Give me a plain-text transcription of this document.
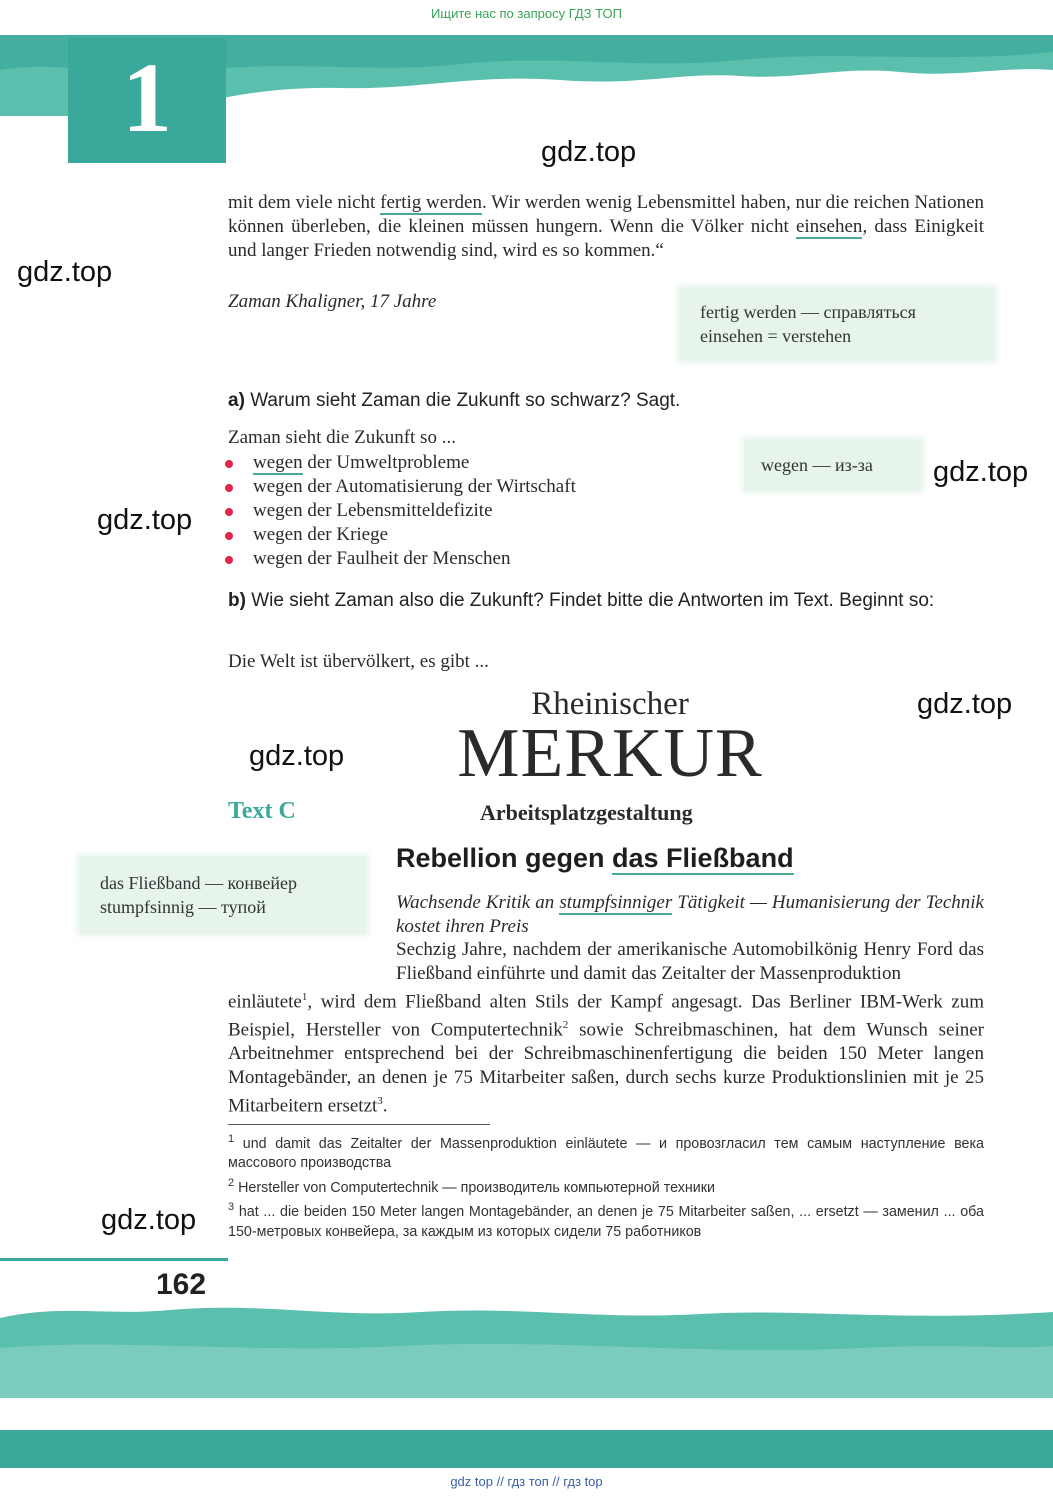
Ищите нас по запросу ГДЗ ТОП
1	gdz.top
gdz.top
gdz.top
gdz.top
gdz.top
gdz.top
gdz.top
mit dem viele nicht fertig werden. Wir werden wenig Lebensmittel haben, nur die reichen Nationen können überleben, die kleinen müssen hungern. Wenn die Völker nicht einsehen, dass Einigkeit und langer Frieden notwendig sind, wird es so kommen.“
Zaman Khaligner, 17 Jahre	fertig werden — справляться
einsehen = verstehen
a) Warum sieht Zaman die Zukunft so schwarz? Sagt.
Zaman sieht die Zukunft so ...
wegen der Umweltprobleme
wegen der Automatisierung der Wirtschaft
wegen der Lebensmitteldefizite
wegen der Kriege
wegen der Faulheit der Menschen
wegen — из-за
b) Wie sieht Zaman also die Zukunft? Findet bitte die Antworten im Text. Beginnt so:
Die Welt ist übervölkert, es gibt ...
Rheinischer
MERKUR
Text C	Arbeitsplatzgestaltung
das Fließband — конвейер
stumpfsinnig — тупой
Rebellion gegen das Fließband
Wachsende Kritik an stumpfsinniger Tätigkeit — Humanisierung der Technik kostet ihren Preis
Sechzig Jahre, nachdem der amerikanische Automobilkönig Henry Ford das Fließband einführte und damit das Zeitalter der Massenproduktion
einläutete$^1$, wird dem Fließband alten Stils der Kampf angesagt. Das Berliner IBM-Werk zum Beispiel, Hersteller von Computertechnik$^2$ sowie Schreibmaschinen, hat dem Wunsch seiner Arbeitnehmer entsprechend bei der Schreibmaschinenfertigung die beiden 150 Meter langen Montagebänder, an denen je 75 Mitarbeiter saßen, durch sechs kurze Produktionslinien mit je 25 Mitarbeitern ersetzt$^3$.
$^1$ und damit das Zeitalter der Massenproduktion einläutete — и провозгласил тем самым наступление века массового производства
$^2$ Hersteller von Computertechnik — производитель компьютерной техники
$^3$ hat ... die beiden 150 Meter langen Montagebänder, an denen je 75 Mitarbeiter saßen, ... ersetzt — заменил ... оба 150-метровых конвейера, за каждым из которых сидели 75 работников
162
gdz top // гдз топ // гдз top
